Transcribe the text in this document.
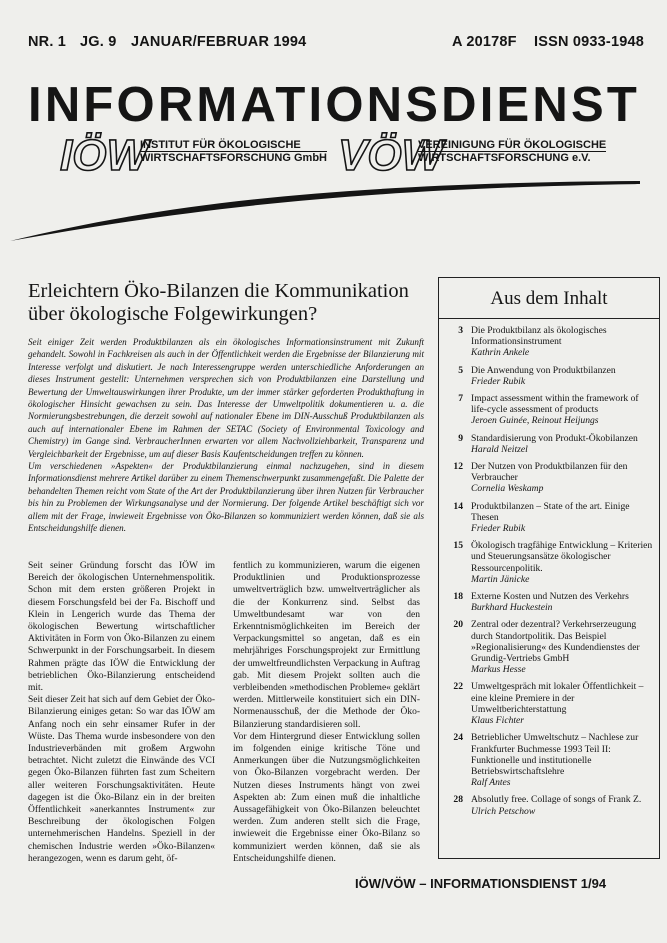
NR. 1 JG. 9 JANUAR/FEBRUAR 1994	A 20178F ISSN 0933-1948
INFORMATIONSDIENST
IÖW
INSTITUT FÜR ÖKOLOGISCHE
WIRTSCHAFTSFORSCHUNG GmbH VÖW
VEREINIGUNG FÜR ÖKOLOGISCHE
WIRTSCHAFTSFORSCHUNG e.V.
Erleichtern Öko-Bilanzen die Kommunikation
über ökologische Folgewirkungen?

Seit einiger Zeit werden Produktbilanzen als ein ökologisches Informationsinstrument mit Zukunft gehandelt. Sowohl in Fachkreisen als auch in der Öffentlichkeit werden die Ergebnisse der Bilanzierung mit Interesse verfolgt und diskutiert. Je nach Interessengruppe werden unterschiedliche Anforderungen an dieses Instrument gestellt: Unternehmen versprechen sich von Produktbilanzen eine Darstellung und Bewertung der Umweltauswirkungen ihrer Produkte, um der immer stärker geforderten Produkthaftung in ökologischer Hinsicht gewachsen zu sein. Das Interesse der Umweltpolitik dokumentieren u. a. die Normierungsbestrebungen, die derzeit sowohl auf nationaler Ebene im DIN-Ausschuß Produktbilanzen als auch auf internationaler Ebene im Rahmen der SETAC (Society of Environmental Toxicology and Chemistry) im Gange sind. VerbraucherInnen erwarten vor allem Nachvollziehbarkeit, Transparenz und Vergleichbarkeit der Ergebnisse, um auf dieser Basis Kaufentscheidungen treffen zu können.

Um verschiedenen »Aspekten« der Produktbilanzierung einmal nachzugehen, sind in diesem Informationsdienst mehrere Artikel darüber zu einem Themenschwerpunkt zusammengefaßt. Die Palette der behandelten Themen reicht vom State of the Art der Produktbilanzierung über ihren Nutzen für Verbraucher bis hin zu Problemen der Wirkungsanalyse und der Normierung. Der folgende Artikel beschäftigt sich vor allem mit der Frage, inwieweit Ergebnisse von Öko-Bilanzen so kommuniziert werden können, daß sie als Entscheidungshilfe dienen.

Seit seiner Gründung forscht das IÖW im Bereich der ökologischen Unternehmenspolitik. Schon mit dem ersten größeren Projekt in diesem Forschungsfeld bei der Fa. Bischoff und Klein in Lengerich wurde das Thema der ökologischen Bewertung wirtschaftlicher Aktivitäten in Form von Öko-Bilanzen zu einem Schwerpunkt in der Forschungsarbeit. In diesem Rahmen prägte das IÖW die Entwicklung der betrieblichen Öko-Bilanzierung entscheidend mit.

Seit dieser Zeit hat sich auf dem Gebiet der Öko-Bilanzierung einiges getan: So war das IÖW am Anfang noch ein sehr einsamer Rufer in der Wüste. Das Thema wurde insbesondere von den Industrieverbänden mit großem Argwohn betrachtet. Nicht zuletzt die Einwände des VCI gegen Öko-Bilanzen führten fast zum Scheitern aller weiteren Forschungsaktivitäten. Heute dagegen ist die Öko-Bilanz ein in der breiten Öffentlichkeit »anerkanntes Instrument« zur Beschreibung der ökologischen Folgen unternehmerischen Handelns. Speziell in der chemischen Industrie werden »Öko-Bilanzen« herangezogen, wenn es darum geht, öf-

fentlich zu kommunizieren, warum die eigenen Produktlinien und Produktionsprozesse umweltverträglich bzw. umweltverträglicher als die der Konkurrenz sind. Selbst das Umweltbundesamt war von den Erkenntnismöglichkeiten im Bereich der Verpackungsmittel so angetan, daß es ein mehrjähriges Forschungsprojekt zur Ermittlung der umweltfreundlichsten Verpackung in Auftrag gab. Mit diesem Projekt sollten auch die verbleibenden »methodischen Probleme« geklärt werden. Mittlerweile konstituiert sich ein DIN-Normenausschuß, der die Methode der Öko-Bilanzierung standardisieren soll.

Vor dem Hintergrund dieser Entwicklung sollen im folgenden einige kritische Töne und Anmerkungen über die Nutzungsmöglichkeiten von Öko-Bilanzen vorgebracht werden. Der Nutzen dieses Instruments hängt von zwei Aspekten ab: Zum einen muß die inhaltliche Aussagefähigkeit von Öko-Bilanzen beleuchtet werden. Zum anderen stellt sich die Frage, inwieweit die Ergebnisse einer Öko-Bilanz so kommuniziert werden können, daß sie als Entscheidungshilfe dienen.

Aus dem Inhalt
3 Die Produktbilanz als ökologisches Informationsinstrument
Kathrin Ankele
5 Die Anwendung von Produktbilanzen
Frieder Rubik
7 Impact assessment within the framework of life-cycle assessment of products
Jeroen Guinée, Reinout Heijungs
9 Standardisierung von Produkt-Ökobilanzen
Harald Neitzel
12 Der Nutzen von Produktbilanzen für den Verbraucher
Cornelia Weskamp
14 Produktbilanzen – State of the art. Einige Thesen
Frieder Rubik
15 Ökologisch tragfähige Entwicklung – Kriterien und Steuerungsansätze ökologischer Ressourcenpolitik.
Martin Jänicke
18 Externe Kosten und Nutzen des Verkehrs
Burkhard Huckestein
20 Zentral oder dezentral? Verkehrserzeugung durch Standortpolitik. Das Beispiel »Regionalisierung« des Kundendienstes der Grundig-Vertriebs GmbH
Markus Hesse
22 Umweltgespräch mit lokaler Öffentlichkeit – eine kleine Premiere in der Umweltberichterstattung
Klaus Fichter
24 Betrieblicher Umweltschutz – Nachlese zur Frankfurter Buchmesse 1993 Teil II: Funktionelle und institutionelle Betriebswirtschaftslehre
Ralf Antes
28 Absolutly free. Collage of songs of Frank Z.
Ulrich Petschow
IÖW/VÖW – INFORMATIONSDIENST 1/94
